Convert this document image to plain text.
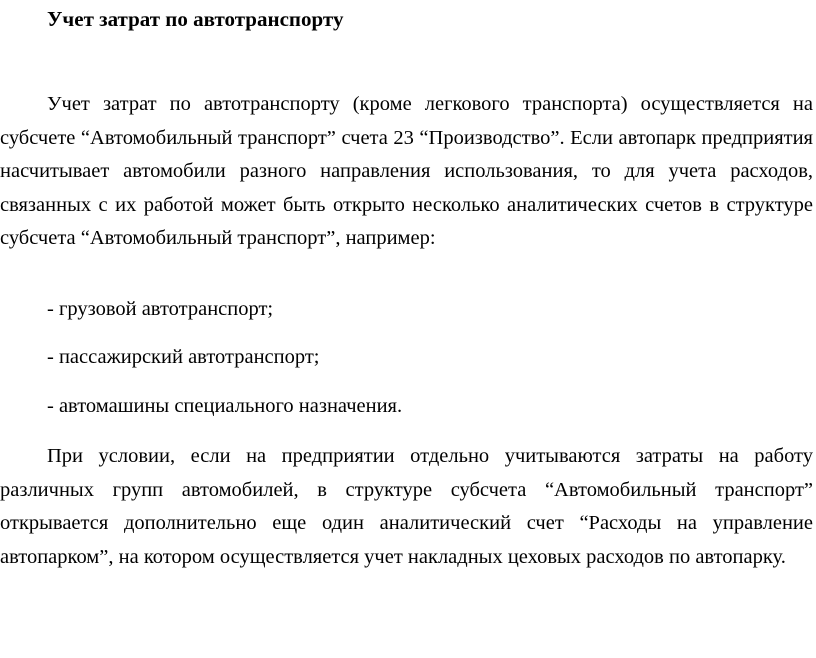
Учет затрат по автотранспорту

Учет затрат по автотранспорту (кроме легкового транспорта) осуществляется на субсчете “Автомобильный транспорт” счета 23 “Производство”. Если автопарк предприятия насчитывает автомобили разного направления использования, то для учета расходов, связанных с их работой может быть открыто несколько аналитических счетов в структуре субсчета “Автомобильный транспорт”, например:

- грузовой автотранспорт;

- пассажирский автотранспорт;

- автомашины специального назначения.

При условии, если на предприятии отдельно учитываются затраты на работу различных групп автомобилей, в структуре субсчета “Автомобильный транспорт” открывается дополнительно еще один аналитический счет “Расходы на управление автопарком”, на котором осуществляется учет накладных цеховых расходов по автопарку.
